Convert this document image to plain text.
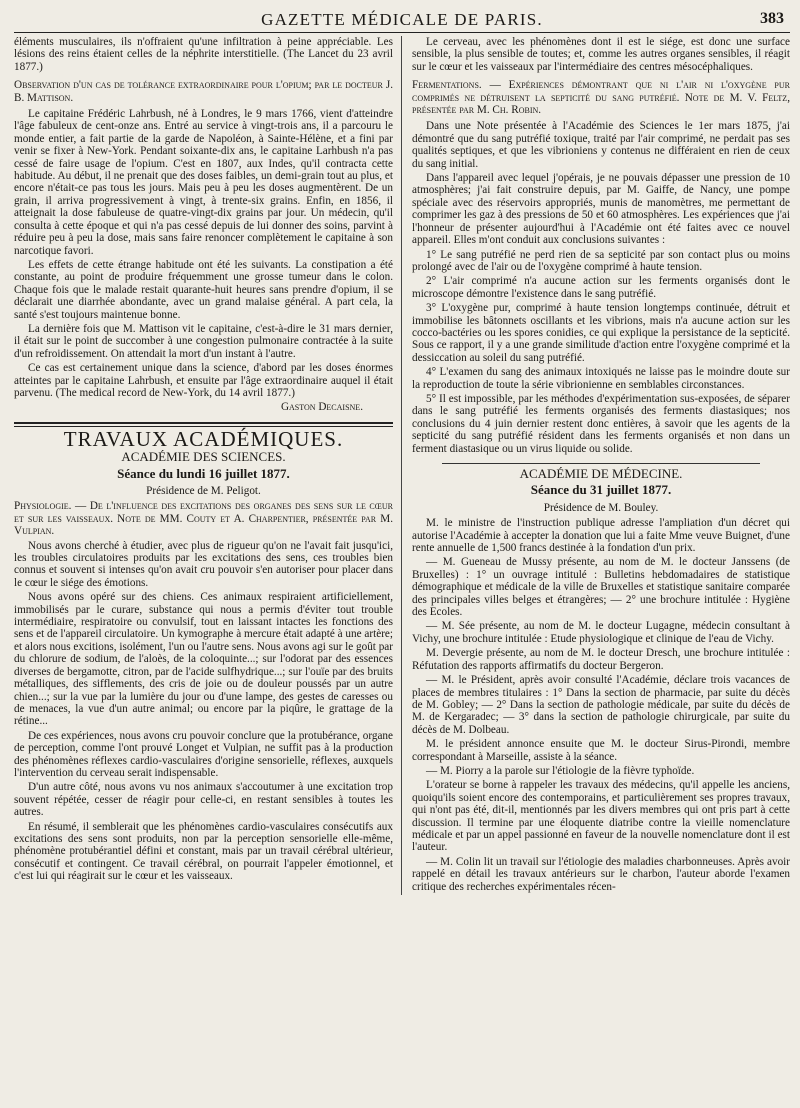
GAZETTE MÉDICALE DE PARIS.	383

éléments musculaires, ils n'offraient qu'une infiltration à peine appréciable. Les lésions des reins étaient celles de la néphrite interstitielle. (The Lancet du 23 avril 1877.)

Observation d'un cas de tolérance extraordinaire pour l'opium; par le docteur J. B. Mattison.

Le capitaine Frédéric Lahrbush, né à Londres, le 9 mars 1766, vient d'atteindre l'âge fabuleux de cent-onze ans. Entré au service à vingt-trois ans, il a parcouru le monde entier, a fait partie de la garde de Napoléon, à Sainte-Hélène, et a fini par venir se fixer à New-York. Pendant soixante-dix ans, le capitaine Larhbush n'a pas cessé de faire usage de l'opium. C'est en 1807, aux Indes, qu'il contracta cette habitude. Au début, il ne prenait que des doses faibles, un demi-grain tout au plus, et encore n'était-ce pas tous les jours. Mais peu à peu les doses augmentèrent. De un grain, il arriva progressivement à vingt, à trente-six grains. Enfin, en 1856, il atteignait la dose fabuleuse de quatre-vingt-dix grains par jour. Un médecin, qu'il consulta à cette époque et qui n'a pas cessé depuis de lui donner des soins, parvint à réduire peu à peu la dose, mais sans faire renoncer complètement le capitaine à son narcotique favori.

Les effets de cette étrange habitude ont été les suivants. La constipation a été constante, au point de produire fréquemment une grosse tumeur dans le colon. Chaque fois que le malade restait quarante-huit heures sans prendre d'opium, il se déclarait une diarrhée abondante, avec un grand malaise général. A part cela, la santé s'est toujours maintenue bonne.

La dernière fois que M. Mattison vit le capitaine, c'est-à-dire le 31 mars dernier, il était sur le point de succomber à une congestion pulmonaire contractée à la suite d'un refroidissement. On attendait la mort d'un instant à l'autre.

Ce cas est certainement unique dans la science, d'abord par les doses énormes atteintes par le capitaine Lahrbush, et ensuite par l'âge extraordinaire auquel il était parvenu. (The medical record de New-York, du 14 avril 1877.)

Gaston Decaisne.

TRAVAUX ACADÉMIQUES.

ACADÉMIE DES SCIENCES.

Séance du lundi 16 juillet 1877.

Présidence de M. Peligot.

Physiologie. — De l'influence des excitations des organes des sens sur le cœur et sur les vaisseaux. Note de MM. Couty et A. Charpentier, présentée par M. Vulpian.

Nous avons cherché à étudier, avec plus de rigueur qu'on ne l'avait fait jusqu'ici, les troubles circulatoires produits par les excitations des sens, ces troubles bien connus et souvent si intenses qu'on avait cru pouvoir s'en autoriser pour placer dans le cœur le siége des émotions.

Nous avons opéré sur des chiens. Ces animaux respiraient artificiellement, immobilisés par le curare, substance qui nous a permis d'éviter tout trouble intermédiaire, respiratoire ou convulsif, tout en laissant intactes les fonctions des sens et de l'appareil circulatoire. Un kymographe à mercure était adapté à une artère; et alors nous excitions, isolément, l'un ou l'autre sens. Nous avons agi sur le goût par du chlorure de sodium, de l'aloès, de la coloquinte...; sur l'odorat par des essences diverses de bergamotte, citron, par de l'acide sulfhydrique...; sur l'ouïe par des bruits métalliques, des sifflements, des cris de joie ou de douleur poussés par un autre chien...; sur la vue par la lumière du jour ou d'une lampe, des gestes de caresses ou de menaces, la vue d'un autre animal; ou encore par la piqûre, le grattage de la rétine...

De ces expériences, nous avons cru pouvoir conclure que la protubérance, organe de perception, comme l'ont prouvé Longet et Vulpian, ne suffit pas à la production des phénomènes réflexes cardio-vasculaires d'origine sensorielle, réflexes, auxquels l'intervention du cerveau serait indispensable.

D'un autre côté, nous avons vu nos animaux s'accoutumer à une excitation trop souvent répétée, cesser de réagir pour celle-ci, en restant sensibles à toutes les autres.

En résumé, il semblerait que les phénomènes cardio-vasculaires consécutifs aux excitations des sens sont produits, non par la perception sensorielle elle-même, phénomène protubérantiel défini et constant, mais par un travail cérébral ultérieur, consécutif et contingent. Ce travail cérébral, on pourrait l'appeler émotionnel, et c'est lui qui réagirait sur le cœur et les vaisseaux.

Le cerveau, avec les phénomènes dont il est le siége, est donc une surface sensible, la plus sensible de toutes; et, comme les autres organes sensibles, il réagit sur le cœur et les vaisseaux par l'intermédiaire des centres mésocéphaliques.

Fermentations. — Expériences démontrant que ni l'air ni l'oxygène pur comprimés ne détruisent la septicité du sang putréfié. Note de M. V. Feltz, présentée par M. Ch. Robin.

Dans une Note présentée à l'Académie des Sciences le 1er mars 1875, j'ai démontré que du sang putréfié toxique, traité par l'air comprimé, ne perdait pas ses qualités septiques, et que les vibrioniens y contenus ne différaient en rien de ceux du sang initial.

Dans l'appareil avec lequel j'opérais, je ne pouvais dépasser une pression de 10 atmosphères; j'ai fait construire depuis, par M. Gaiffe, de Nancy, une pompe spéciale avec des réservoirs appropriés, munis de manomètres, me permettant de comprimer les gaz à des pressions de 50 et 60 atmosphères. Les expériences que j'ai l'honneur de présenter aujourd'hui à l'Académie ont été faites avec ce nouvel appareil. Elles m'ont conduit aux conclusions suivantes :

1° Le sang putréfié ne perd rien de sa septicité par son contact plus ou moins prolongé avec de l'air ou de l'oxygène comprimé à haute tension.

2° L'air comprimé n'a aucune action sur les ferments organisés dont le microscope démontre l'existence dans le sang putréfié.

3° L'oxygène pur, comprimé à haute tension longtemps continuée, détruit et immobilise les bâtonnets oscillants et les vibrions, mais n'a aucune action sur les cocco-bactéries ou les spores conidies, ce qui explique la persistance de la septicité. Sous ce rapport, il y a une grande similitude d'action entre l'oxygène comprimé et la dessiccation au soleil du sang putréfié.

4° L'examen du sang des animaux intoxiqués ne laisse pas le moindre doute sur la reproduction de toute la série vibrionienne en semblables circonstances.

5° Il est impossible, par les méthodes d'expérimentation sus-exposées, de séparer dans le sang putréfié les ferments organisés des ferments diastasiques; nos conclusions du 4 juin dernier restent donc entières, à savoir que les agents de la septicité du sang putréfié résident dans les ferments organisés et non dans un ferment diastasique ou un virus liquide ou solide.

ACADÉMIE DE MÉDECINE.

Séance du 31 juillet 1877.

Présidence de M. Bouley.

M. le ministre de l'instruction publique adresse l'ampliation d'un décret qui autorise l'Académie à accepter la donation que lui a faite Mme veuve Buignet, d'une rente annuelle de 1,500 francs destinée à la fondation d'un prix.

— M. Gueneau de Mussy présente, au nom de M. le docteur Janssens (de Bruxelles) : 1° un ouvrage intitulé : Bulletins hebdomadaires de statistique démographique et médicale de la ville de Bruxelles et statistique sanitaire comparée des principales villes belges et étrangères; — 2° une brochure intitulée : Hygiène des Ecoles.

— M. Sée présente, au nom de M. le docteur Lugagne, médecin consultant à Vichy, une brochure intitulée : Etude physiologique et clinique de l'eau de Vichy.

M. Devergie présente, au nom de M. le docteur Dresch, une brochure intitulée : Réfutation des rapports affirmatifs du docteur Bergeron.

— M. le Président, après avoir consulté l'Académie, déclare trois vacances de places de membres titulaires : 1° Dans la section de pharmacie, par suite du décès de M. Gobley; — 2° Dans la section de pathologie médicale, par suite du décès de M. de Kergaradec; — 3° dans la section de pathologie chirurgicale, par suite du décès de M. Dolbeau.

M. le président annonce ensuite que M. le docteur Sirus-Pirondi, membre correspondant à Marseille, assiste à la séance.

— M. Piorry a la parole sur l'étiologie de la fièvre typhoïde.

L'orateur se borne à rappeler les travaux des médecins, qu'il appelle les anciens, quoiqu'ils soient encore des contemporains, et particulièrement ses propres travaux, qui n'ont pas été, dit-il, mentionnés par les divers membres qui ont pris part à cette discussion. Il termine par une éloquente diatribe contre la vieille nomenclature médicale et par un appel passionné en faveur de la nouvelle nomenclature dont il est l'auteur.

— M. Colin lit un travail sur l'étiologie des maladies charbonneuses. Après avoir rappelé en détail les travaux antérieurs sur le charbon, l'auteur aborde l'examen critique des recherches expérimentales récen-
